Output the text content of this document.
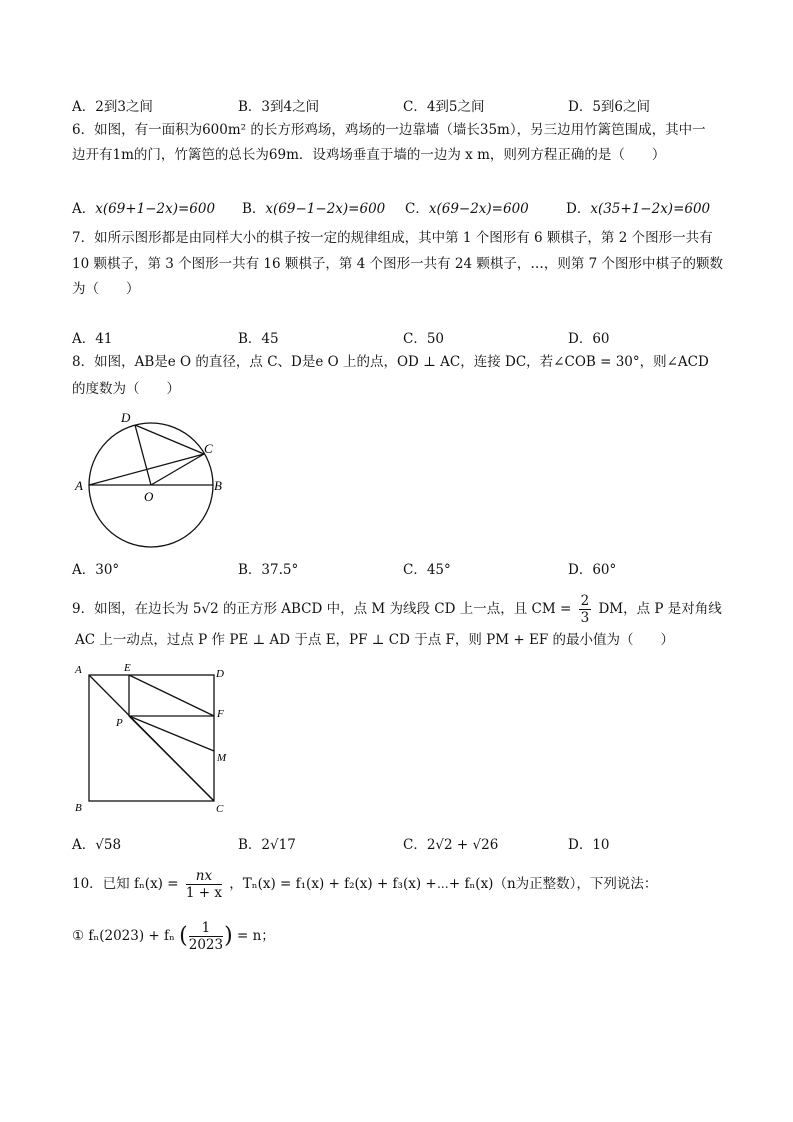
A．2到3之间	B．3到4之间	C．4到5之间	D．5到6之间
6．如图，有一面积为600m² 的长方形鸡场，鸡场的一边靠墙（墙长35m），另三边用竹篱笆围成，其中一
边开有1m的门，竹篱笆的总长为69m．设鸡场垂直于墙的一边为 x m，则列方程正确的是（　　）
A．x(69+1−2x)=600 B．x(69−1−2x)=600 C．x(69−2x)=600	D．x(35+1−2x)=600
7．如所示图形都是由同样大小的棋子按一定的规律组成，其中第 1 个图形有 6 颗棋子，第 2 个图形一共有
10 颗棋子，第 3 个图形一共有 16 颗棋子，第 4 个图形一共有 24 颗棋子，…，则第 7 个图形中棋子的颗数
为（　　）
A．41	B．45	C．50	D．60
8．如图，AB是e O 的直径，点 C、D是e O 上的点，OD ⊥ AC，连接 DC，若∠COB = 30°，则∠ACD
的度数为（　　）
A	B
C
D
O
A．30°	B．37.5°	C．45°	D．60°
9．如图，在边长为 5√2 的正方形 ABCD 中，点 M 为线段 CD 上一点，且 CM = $\frac{2}{3}$ DM，点 P 是对角线
AC 上一动点，过点 P 作 PE ⊥ AD 于点 E，PF ⊥ CD 于点 F，则 PM + EF 的最小值为（　　）
A
B	C
D
E
F
P
M
A．√58	B．2√17	C．2√2 + √26	D．10
10．已知 $f_n(x) = \frac{nx}{1 + x}$ ，Tₙ(x) = f₁(x) + f₂(x) + f₃(x) +⋯+ fₙ(x)（n为正整数），下列说法：
① fₙ(2023) + fₙ ( $\frac{1}{2023}$ ) = n；
